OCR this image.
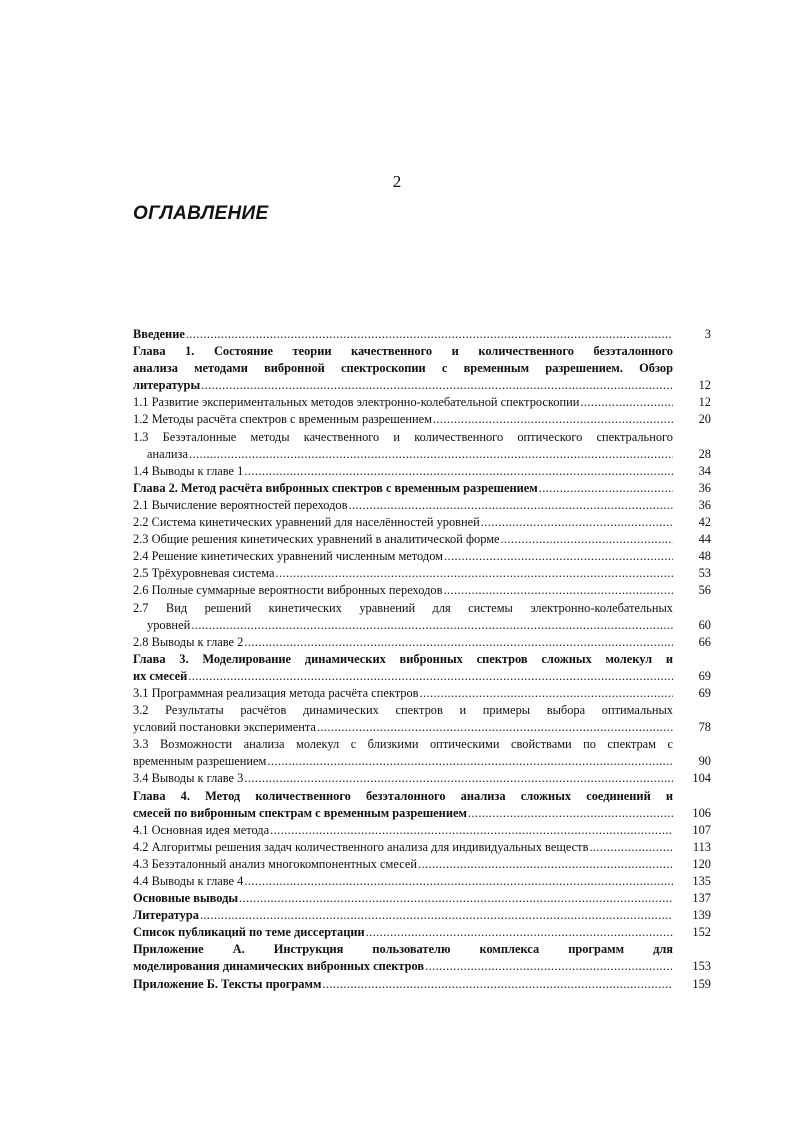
2
ОГЛАВЛЕНИЕ
Введение .....	3
Глава 1. Состояние теории качественного и количественного безэталонного
анализа методами вибронной спектроскопии с временным разрешением. Обзор
литературы .....	12
1.1 Развитие экспериментальных методов электронно-колебательной спектроскопии .....	12
1.2 Методы расчёта спектров с временным разрешением .....	20
1.3 Безэталонные методы качественного и количественного оптического спектрального
анализа .....	28
1.4 Выводы к главе 1 .....	34
Глава 2. Метод расчёта вибронных спектров с временным разрешением .....	36
2.1 Вычисление вероятностей переходов .....	36
2.2 Система кинетических уравнений для населённостей уровней .....	42
2.3 Общие решения кинетических уравнений в аналитической форме .....	44
2.4 Решение кинетических уравнений численным методом .....	48
2.5 Трёхуровневая система .....	53
2.6 Полные суммарные вероятности вибронных переходов .....	56
2.7 Вид решений кинетических уравнений для системы электронно-колебательных
уровней .....	60
2.8 Выводы к главе 2 .....	66
Глава 3. Моделирование динамических вибронных спектров сложных молекул и
их смесей .....	69
3.1 Программная реализация метода расчёта спектров .....	69
3.2 Результаты расчётов динамических спектров и примеры выбора оптимальных
условий постановки эксперимента .....	78
3.3 Возможности анализа молекул с близкими оптическими свойствами по спектрам с
временным разрешением .....	90
3.4 Выводы к главе 3 .....	104
Глава 4. Метод количественного безэталонного анализа сложных соединений и
смесей по вибронным спектрам с временным разрешением .....	106
4.1 Основная идея метода .....	107
4.2 Алгоритмы решения задач количественного анализа для индивидуальных веществ .....	113
4.3 Безэталонный анализ многокомпонентных смесей .....	120
4.4 Выводы к главе 4 .....	135
Основные выводы .....	137
Литература .....	139
Список публикаций по теме диссертации .....	152
Приложение А. Инструкция пользователю комплекса программ для
моделирования динамических вибронных спектров .....	153
Приложение Б. Тексты программ .....	159
